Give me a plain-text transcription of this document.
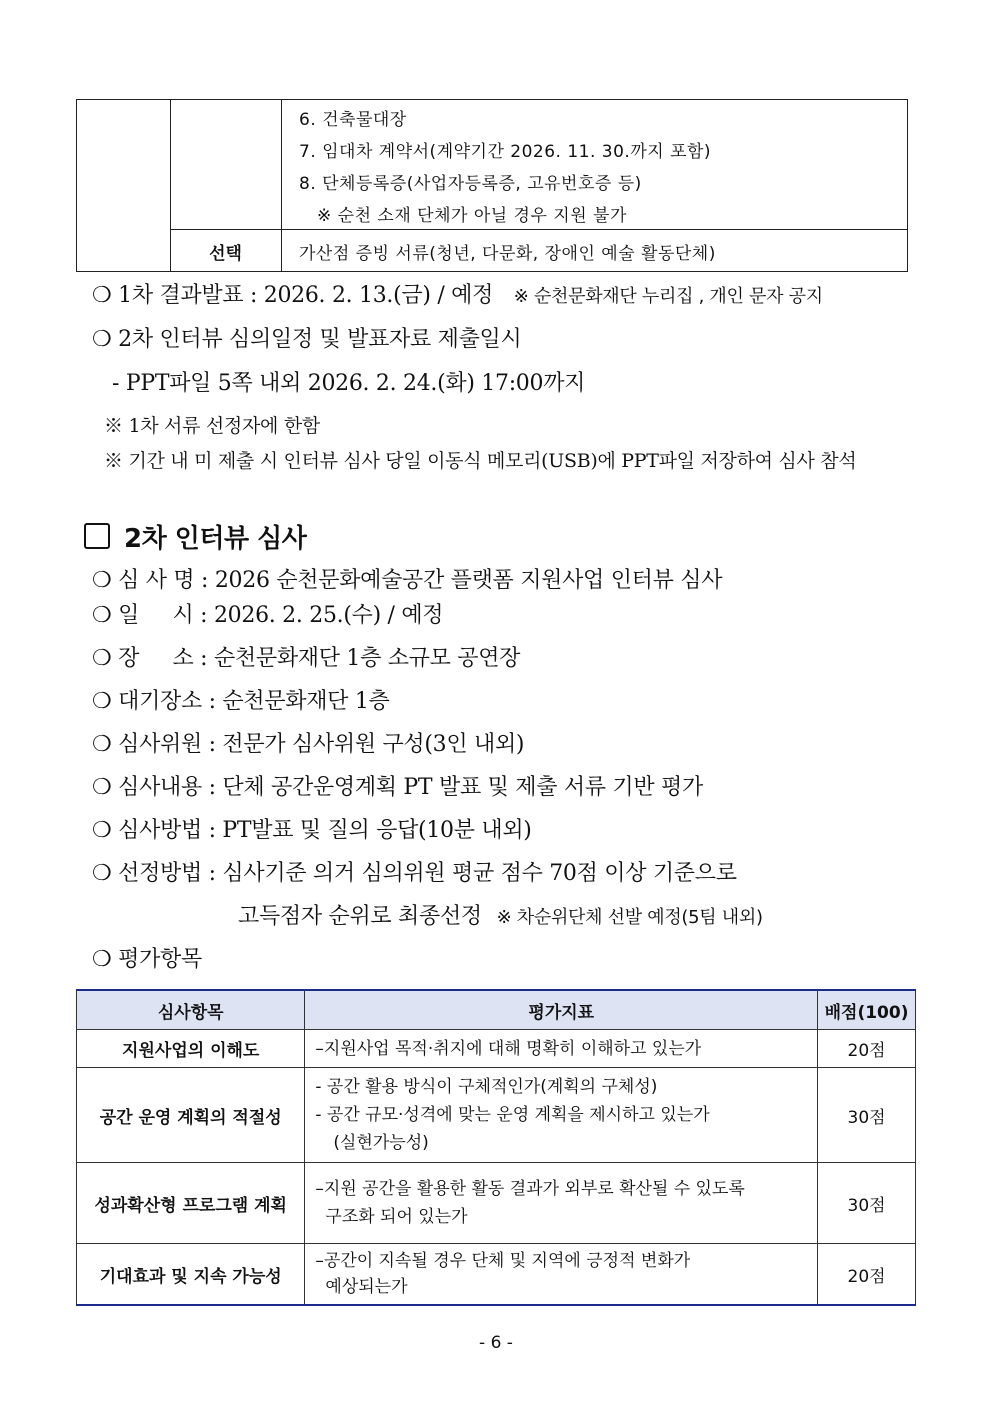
6. 건축물대장
7. 임대차 계약서(계약기간 2026. 11. 30.까지 포함)
8. 단체등록증(사업자등록증, 고유번호증 등)
※ 순천 소재 단체가 아닐 경우 지원 불가
선택	가산점 증빙 서류(청년, 다문화, 장애인 예술 활동단체)
❍ 1차 결과발표 : 2026. 2. 13.(금) / 예정 ※ 순천문화재단 누리집 , 개인 문자 공지
❍ 2차 인터뷰 심의일정 및 발표자료 제출일시
- PPT파일 5쪽 내외 2026. 2. 24.(화) 17:00까지
※ 1차 서류 선정자에 한함
※ 기간 내 미 제출 시 인터뷰 심사 당일 이동식 메모리(USB)에 PPT파일 저장하여 심사 참석
2차 인터뷰 심사
❍ 심 사 명 : 2026 순천문화예술공간 플랫폼 지원사업 인터뷰 심사
❍ 일     시 : 2026. 2. 25.(수) / 예정
❍ 장     소 : 순천문화재단 1층 소규모 공연장
❍ 대기장소 : 순천문화재단 1층
❍ 심사위원 : 전문가 심사위원 구성(3인 내외)
❍ 심사내용 : 단체 공간운영계획 PT 발표 및 제출 서류 기반 평가
❍ 심사방법 : PT발표 및 질의 응답(10분 내외)
❍ 선정방법 : 심사기준 의거 심의위원 평균 점수 70점 이상 기준으로
고득점자 순위로 최종선정 ※ 차순위단체 선발 예정(5팀 내외)
❍ 평가항목
심사항목	평가지표	배점(100)
지원사업의 이해도	–지원사업 목적·취지에 대해 명확히 이해하고 있는가	20점
공간 운영 계획의 적절성	- 공간 활용 방식이 구체적인가(계획의 구체성)
- 공간 규모·성격에 맞는 운영 계획을 제시하고 있는가
(실현가능성)	30점
성과확산형 프로그램 계획	–지원 공간을 활용한 활동 결과가 외부로 확산될 수 있도록
구조화 되어 있는가	30점
기대효과 및 지속 가능성	–공간이 지속될 경우 단체 및 지역에 긍정적 변화가
예상되는가	20점
- 6 -
